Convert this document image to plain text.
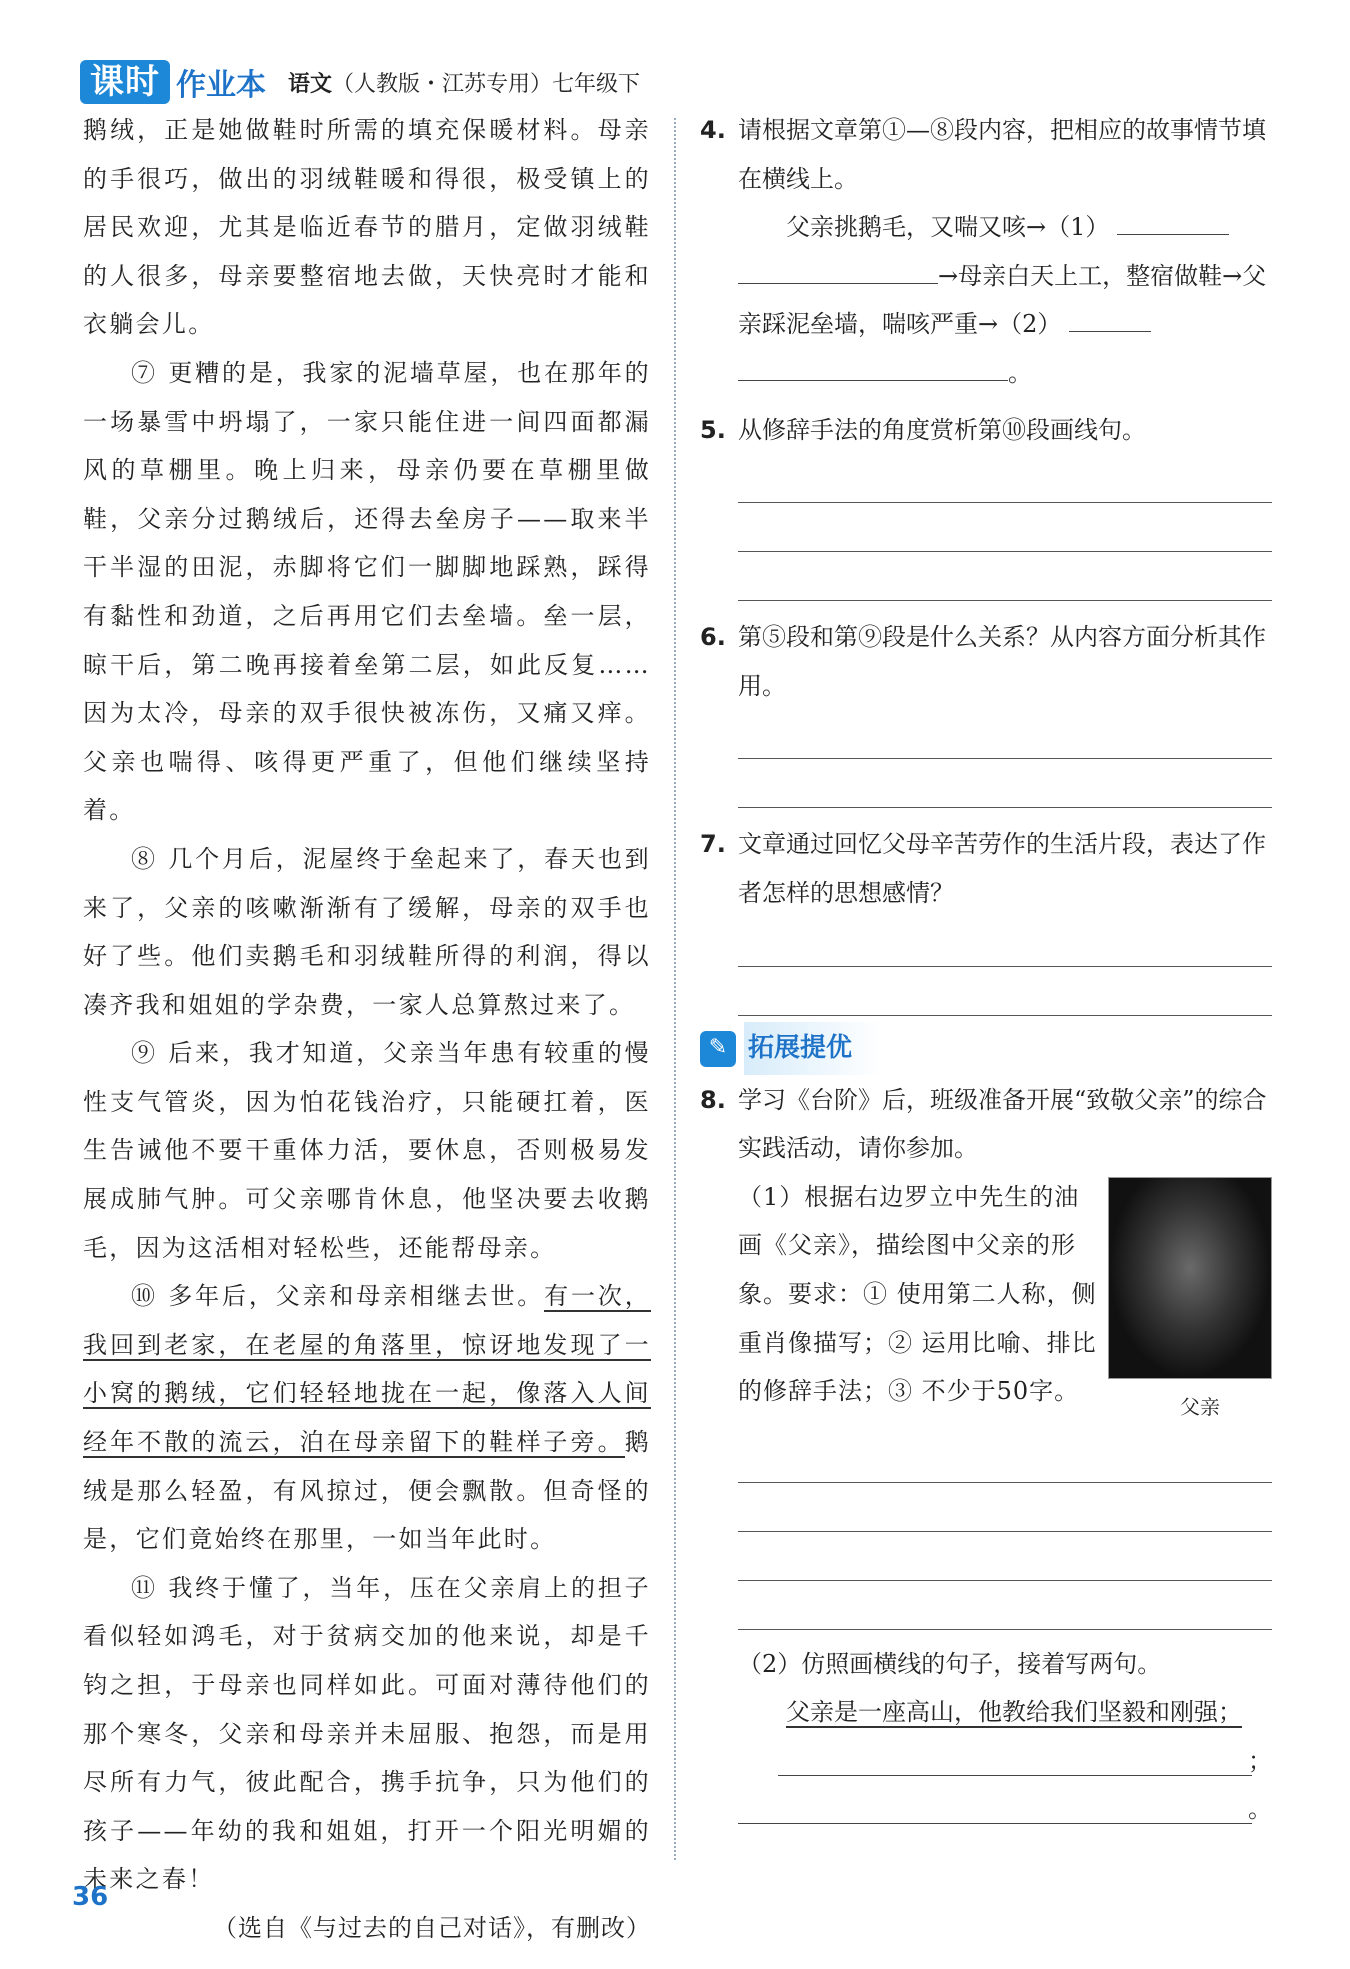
课时 作业本 语文（人教版・江苏专用）七年级下

鹅绒，正是她做鞋时所需的填充保暖材料。母亲的手很巧，做出的羽绒鞋暖和得很，极受镇上的居民欢迎，尤其是临近春节的腊月，定做羽绒鞋的人很多，母亲要整宿地去做，天快亮时才能和衣躺会儿。

⑦ 更糟的是，我家的泥墙草屋，也在那年的一场暴雪中坍塌了，一家只能住进一间四面都漏风的草棚里。晚上归来，母亲仍要在草棚里做鞋，父亲分过鹅绒后，还得去垒房子——取来半干半湿的田泥，赤脚将它们一脚脚地踩熟，踩得有黏性和劲道，之后再用它们去垒墙。垒一层，晾干后，第二晚再接着垒第二层，如此反复……因为太冷，母亲的双手很快被冻伤，又痛又痒。父亲也喘得、咳得更严重了，但他们继续坚持着。

⑧ 几个月后，泥屋终于垒起来了，春天也到来了，父亲的咳嗽渐渐有了缓解，母亲的双手也好了些。他们卖鹅毛和羽绒鞋所得的利润，得以凑齐我和姐姐的学杂费，一家人总算熬过来了。

⑨ 后来，我才知道，父亲当年患有较重的慢性支气管炎，因为怕花钱治疗，只能硬扛着，医生告诫他不要干重体力活，要休息，否则极易发展成肺气肿。可父亲哪肯休息，他坚决要去收鹅毛，因为这活相对轻松些，还能帮母亲。

⑩ 多年后，父亲和母亲相继去世。有一次，我回到老家，在老屋的角落里，惊讶地发现了一小窝的鹅绒，它们轻轻地拢在一起，像落入人间经年不散的流云，泊在母亲留下的鞋样子旁。鹅绒是那么轻盈，有风掠过，便会飘散。但奇怪的是，它们竟始终在那里，一如当年此时。

⑪ 我终于懂了，当年，压在父亲肩上的担子看似轻如鸿毛，对于贫病交加的他来说，却是千钧之担，于母亲也同样如此。可面对薄待他们的那个寒冬，父亲和母亲并未屈服、抱怨，而是用尽所有力气，彼此配合，携手抗争，只为他们的孩子——年幼的我和姐姐，打开一个阳光明媚的未来之春！
（选自《与过去的自己对话》，有删改）

4. 请根据文章第①—⑧段内容，把相应的故事情节填在横线上。
父亲挑鹅毛，又喘又咳→（1）
→母亲白天上工，整宿做鞋→父亲踩泥垒墙，喘咳严重→（2）
。
5. 从修辞手法的角度赏析第⑩段画线句。
6. 第⑤段和第⑨段是什么关系？从内容方面分析其作用。
7. 文章通过回忆父母辛苦劳作的生活片段，表达了作者怎样的思想感情？
✎ 拓展提优
8. 学习《台阶》后，班级准备开展“致敬父亲”的综合实践活动，请你参加。
父亲
（1）根据右边罗立中先生的油画《父亲》，描绘图中父亲的形象。要求：① 使用第二人称，侧重肖像描写；② 运用比喻、排比的修辞手法；③ 不少于50字。
（2）仿照画横线的句子，接着写两句。
父亲是一座高山，他教给我们坚毅和刚强；
；
。
36
